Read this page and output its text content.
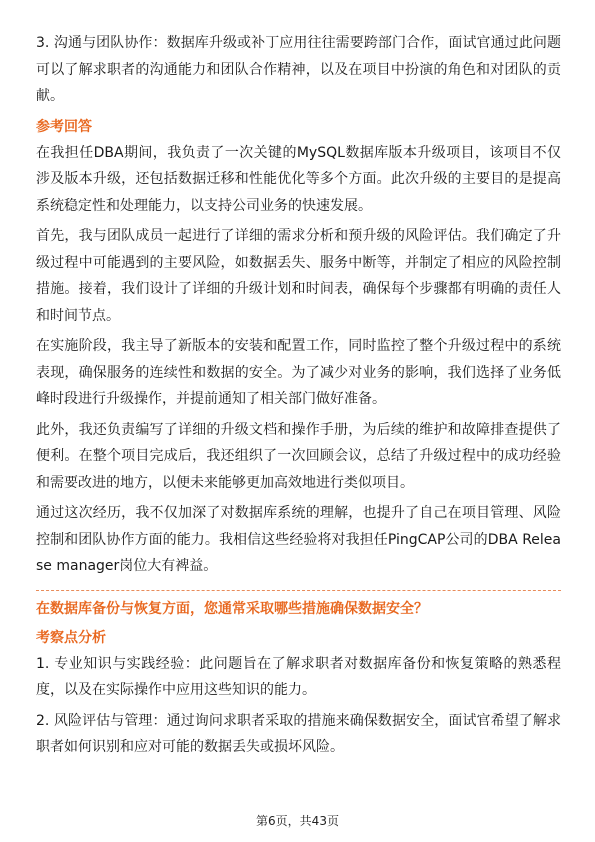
3. 沟通与团队协作：数据库升级或补丁应用往往需要跨部门合作，面试官通过此问题可以了解求职者的沟通能力和团队合作精神，以及在项目中扮演的角色和对团队的贡献。

参考回答

在我担任DBA期间，我负责了一次关键的MySQL数据库版本升级项目，该项目不仅涉及版本升级，还包括数据迁移和性能优化等多个方面。此次升级的主要目的是提高系统稳定性和处理能力，以支持公司业务的快速发展。

首先，我与团队成员一起进行了详细的需求分析和预升级的风险评估。我们确定了升级过程中可能遇到的主要风险，如数据丢失、服务中断等，并制定了相应的风险控制措施。接着，我们设计了详细的升级计划和时间表，确保每个步骤都有明确的责任人和时间节点。

在实施阶段，我主导了新版本的安装和配置工作，同时监控了整个升级过程中的系统表现，确保服务的连续性和数据的安全。为了减少对业务的影响，我们选择了业务低峰时段进行升级操作，并提前通知了相关部门做好准备。

此外，我还负责编写了详细的升级文档和操作手册，为后续的维护和故障排查提供了便利。在整个项目完成后，我还组织了一次回顾会议，总结了升级过程中的成功经验和需要改进的地方，以便未来能够更加高效地进行类似项目。

通过这次经历，我不仅加深了对数据库系统的理解，也提升了自己在项目管理、风险控制和团队协作方面的能力。我相信这些经验将对我担任PingCAP公司的DBA Release manager岗位大有裨益。

在数据库备份与恢复方面，您通常采取哪些措施确保数据安全？
考察点分析

1. 专业知识与实践经验：此问题旨在了解求职者对数据库备份和恢复策略的熟悉程度，以及在实际操作中应用这些知识的能力。

2. 风险评估与管理：通过询问求职者采取的措施来确保数据安全，面试官希望了解求职者如何识别和应对可能的数据丢失或损坏风险。

第6页，共43页
